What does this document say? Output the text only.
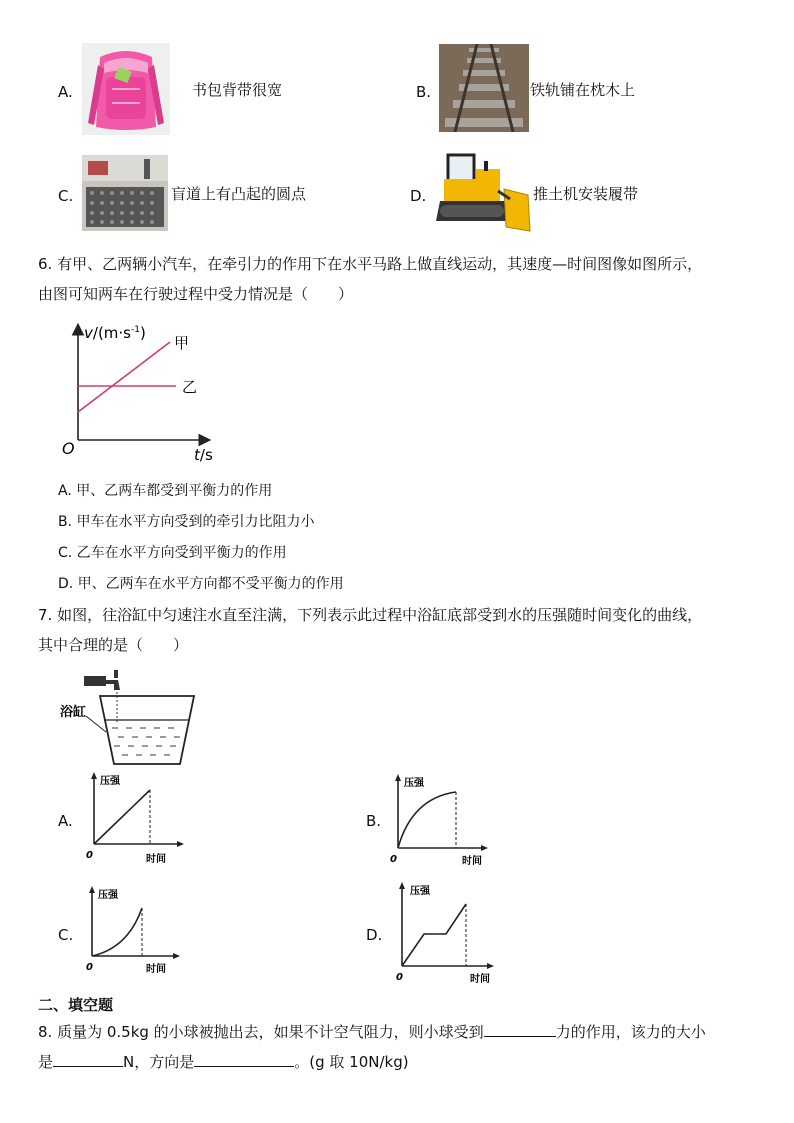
A.	书包背带很宽	B.	铁轨铺在枕木上
C.	盲道上有凸起的圆点	D.	推土机安装履带
6. 有甲、乙两辆小汽车，在牵引力的作用下在水平马路上做直线运动，其速度—时间图像如图所示，
由图可知两车在行驶过程中受力情况是（　　）
$v/(m\cdot s^{-1})$
甲
乙
O	t/s
A. 甲、乙两车都受到平衡力的作用
B. 甲车在水平方向受到的牵引力比阻力小
C. 乙车在水平方向受到平衡力的作用
D. 甲、乙两车在水平方向都不受平衡力的作用
7. 如图，往浴缸中匀速注水直至注满，下列表示此过程中浴缸底部受到水的压强随时间变化的曲线，
其中合理的是（　　）
浴缸
A.
压强
0	时间
B.
压强
0	时间
C.
压强
0	时间
D.
压强
0	时间
二、填空题
8. 质量为 0.5kg 的小球被抛出去，如果不计空气阻力，则小球受到	力的作用，该力的大小
是	N，方向是	。(g 取 10N/kg)
